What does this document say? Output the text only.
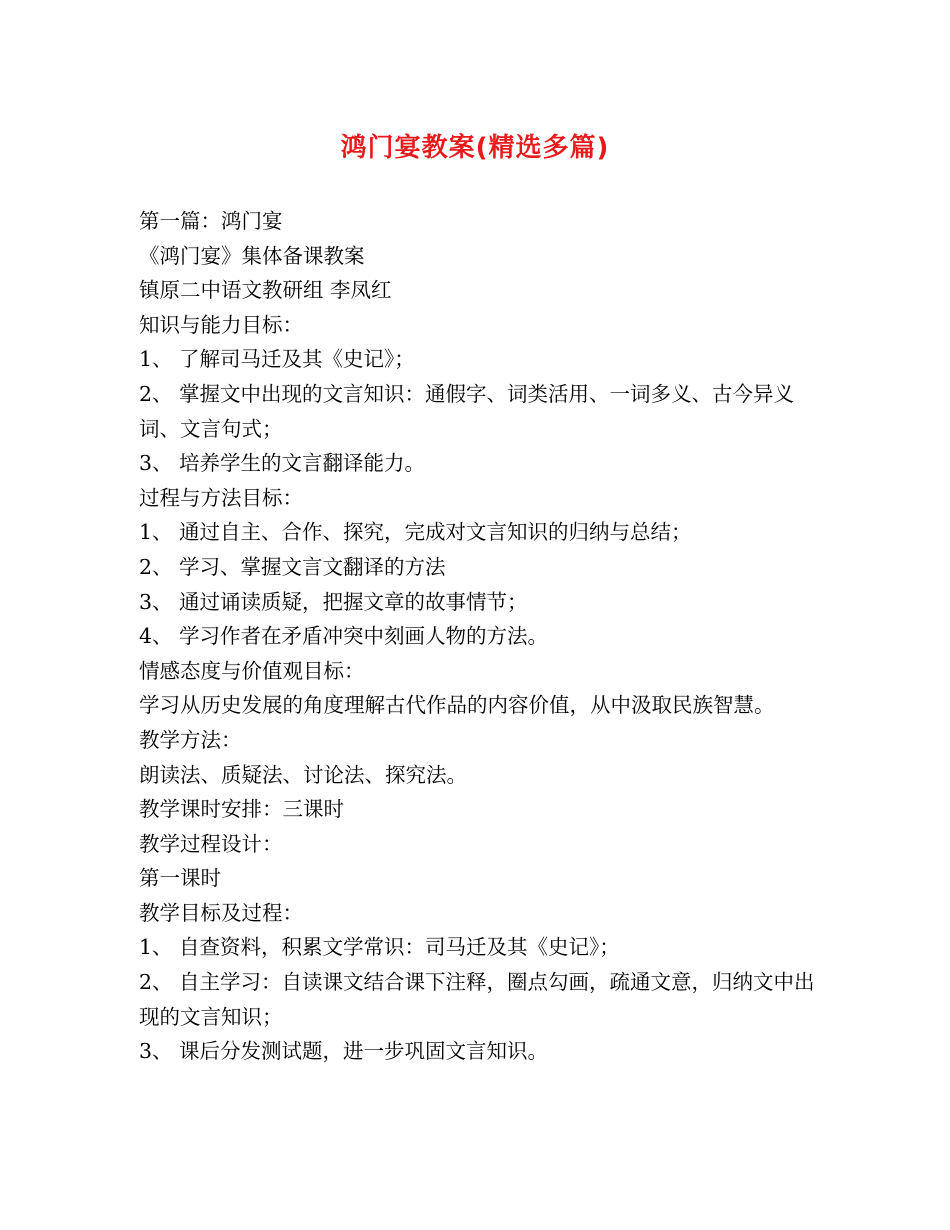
鸿门宴教案(精选多篇)
第一篇：鸿门宴
《鸿门宴》集体备课教案
镇原二中语文教研组 李凤红
知识与能力目标：
1、 了解司马迁及其《史记》；
2、 掌握文中出现的文言知识：通假字、词类活用、一词多义、古今异义词、文言句式；
3、 培养学生的文言翻译能力。
过程与方法目标：
1、 通过自主、合作、探究，完成对文言知识的归纳与总结；
2、 学习、掌握文言文翻译的方法
3、 通过诵读质疑，把握文章的故事情节；
4、 学习作者在矛盾冲突中刻画人物的方法。
情感态度与价值观目标：
学习从历史发展的角度理解古代作品的内容价值，从中汲取民族智慧。
教学方法：
朗读法、质疑法、讨论法、探究法。
教学课时安排：三课时
教学过程设计：
第一课时
教学目标及过程：
1、 自查资料，积累文学常识：司马迁及其《史记》；
2、 自主学习：自读课文结合课下注释，圈点勾画，疏通文意，归纳文中出现的文言知识；
3、 课后分发测试题，进一步巩固文言知识。
